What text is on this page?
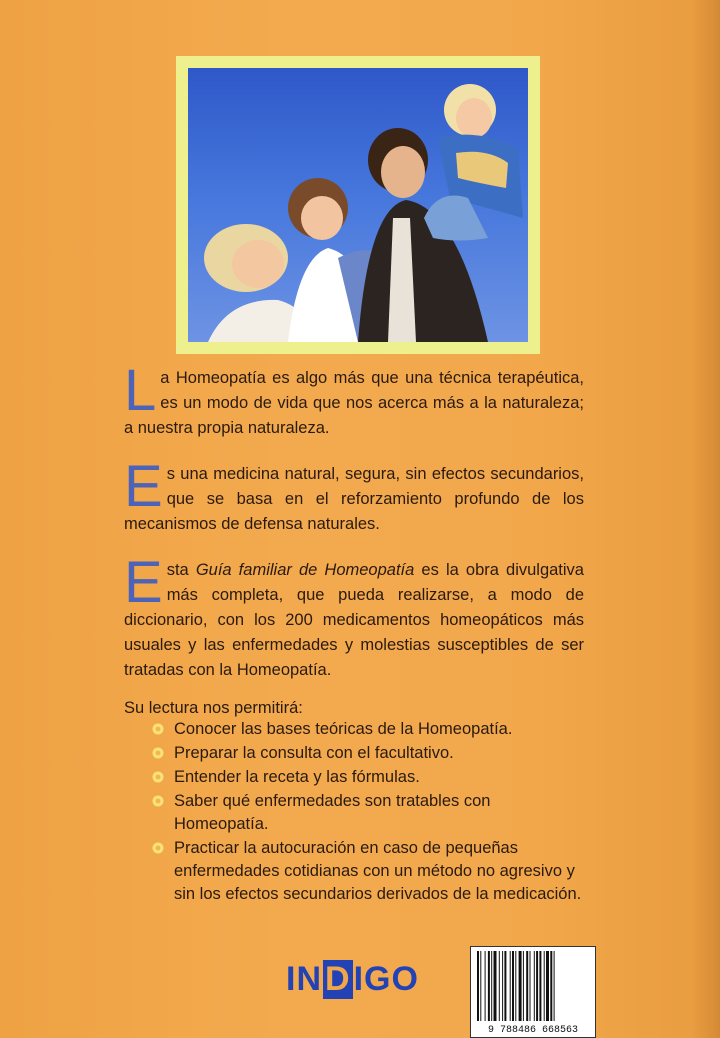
L a Homeopatía es algo más que una técnica terapéutica, es un modo de vida que nos acerca más a la naturaleza; a nuestra propia naturaleza.
E s una medicina natural, segura, sin efectos secundarios, que se basa en el reforzamiento profundo de los mecanismos de defensa naturales.
E sta Guía familiar de Homeopatía es la obra divulgativa más completa, que pueda realizarse, a modo de diccionario, con los 200 medicamentos homeopáticos más usuales y las enfermedades y molestias susceptibles de ser tratadas con la Homeopatía.
Su lectura nos permitirá:
Conocer las bases teóricas de la Homeopatía.
Preparar la consulta con el facultativo.
Entender la receta y las fórmulas.
Saber qué enfermedades son tratables con Homeopatía.
Practicar la autocuración en caso de pequeñas enfermedades cotidianas con un método no agresivo y sin los efectos secundarios derivados de la medicación.
INDIGO
9 788486 668563
